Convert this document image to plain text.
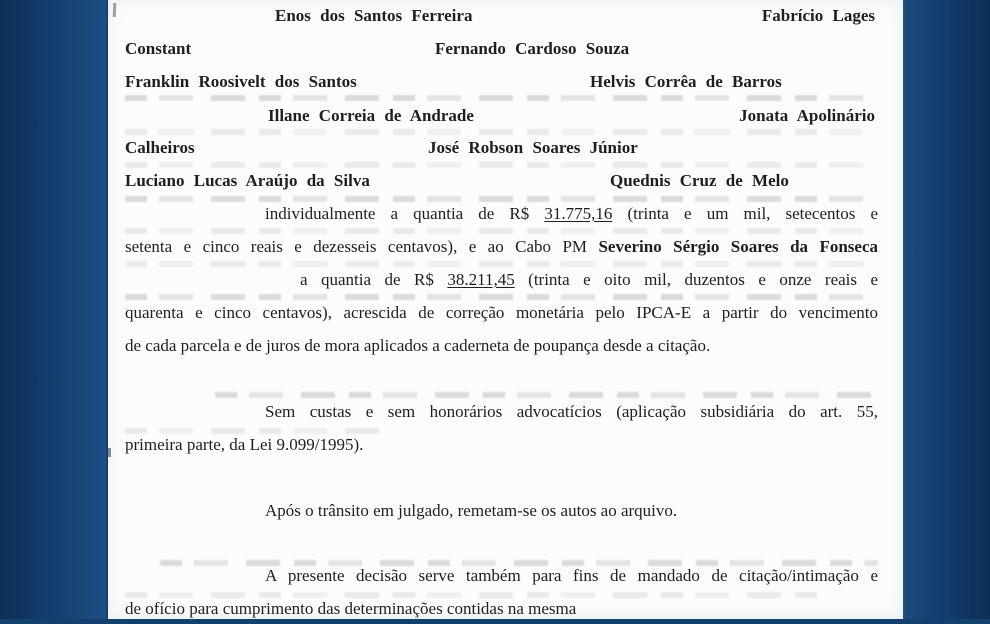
Enos dos Santos Ferreira	Fabrício Lages
Constant	Fernando Cardoso Souza
Franklin Roosivelt dos Santos	Helvis Corrêa de Barros
Illane Correia de Andrade	Jonata Apolinário
Calheiros	José Robson Soares Júnior
Luciano Lucas Araújo da Silva	Quednis Cruz de Melo
individualmente a quantia de R$ 31.775,16 (trinta e um mil, setecentos e
setenta e cinco reais e dezesseis centavos), e ao Cabo PM Severino Sérgio Soares da Fonseca
a quantia de R$ 38.211,45 (trinta e oito mil, duzentos e onze reais e
quarenta e cinco centavos), acrescida de correção monetária pelo IPCA-E a partir do vencimento
de cada parcela e de juros de mora aplicados a caderneta de poupança desde a citação.
Sem custas e sem honorários advocatícios (aplicação subsidiária do art. 55,
primeira parte, da Lei 9.099/1995).
Após o trânsito em julgado, remetam-se os autos ao arquivo.
A presente decisão serve também para fins de mandado de citação/intimação e
de ofício para cumprimento das determinações contidas na mesma
